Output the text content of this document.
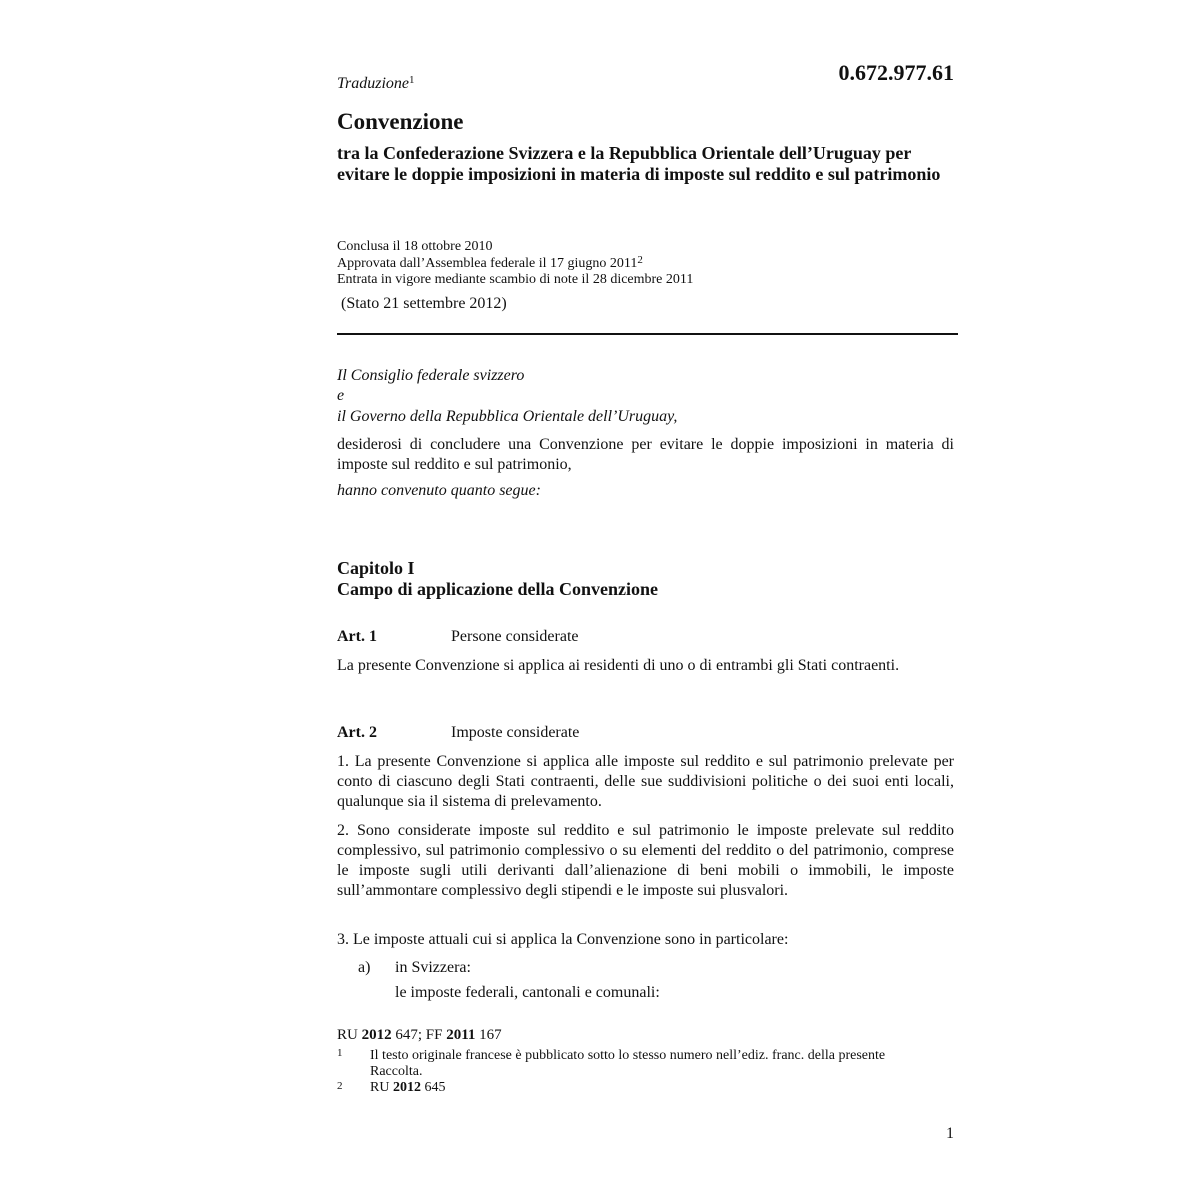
0.672.977.61
Traduzione$^1$
Convenzione
tra la Confederazione Svizzera e la Repubblica Orientale dell’Uruguay per evitare le doppie imposizioni in materia di imposte sul reddito e sul patrimonio
Conclusa il 18 ottobre 2010
Approvata dall’Assemblea federale il 17 giugno 2011$^2$
Entrata in vigore mediante scambio di note il 28 dicembre 2011
(Stato 21 settembre 2012)
Il Consiglio federale svizzero
e
il Governo della Repubblica Orientale dell’Uruguay,
desiderosi di concludere una Convenzione per evitare le doppie imposizioni in materia di imposte sul reddito e sul patrimonio,
hanno convenuto quanto segue:
Capitolo I
Campo di applicazione della Convenzione
Art. 1	Persone considerate
La presente Convenzione si applica ai residenti di uno o di entrambi gli Stati contraenti.
Art. 2	Imposte considerate
1. La presente Convenzione si applica alle imposte sul reddito e sul patrimonio prelevate per conto di ciascuno degli Stati contraenti, delle sue suddivisioni politiche o dei suoi enti locali, qualunque sia il sistema di prelevamento.
2. Sono considerate imposte sul reddito e sul patrimonio le imposte prelevate sul reddito complessivo, sul patrimonio complessivo o su elementi del reddito o del patrimonio, comprese le imposte sugli utili derivanti dall’alienazione di beni mobili o immobili, le imposte sull’ammontare complessivo degli stipendi e le imposte sui plusvalori.
3. Le imposte attuali cui si applica la Convenzione sono in particolare:
a) in Svizzera:
le imposte federali, cantonali e comunali:
RU 2012 647; FF 2011 167
1 Il testo originale francese è pubblicato sotto lo stesso numero nell’ediz. franc. della presente Raccolta.
2 RU 2012 645
1
